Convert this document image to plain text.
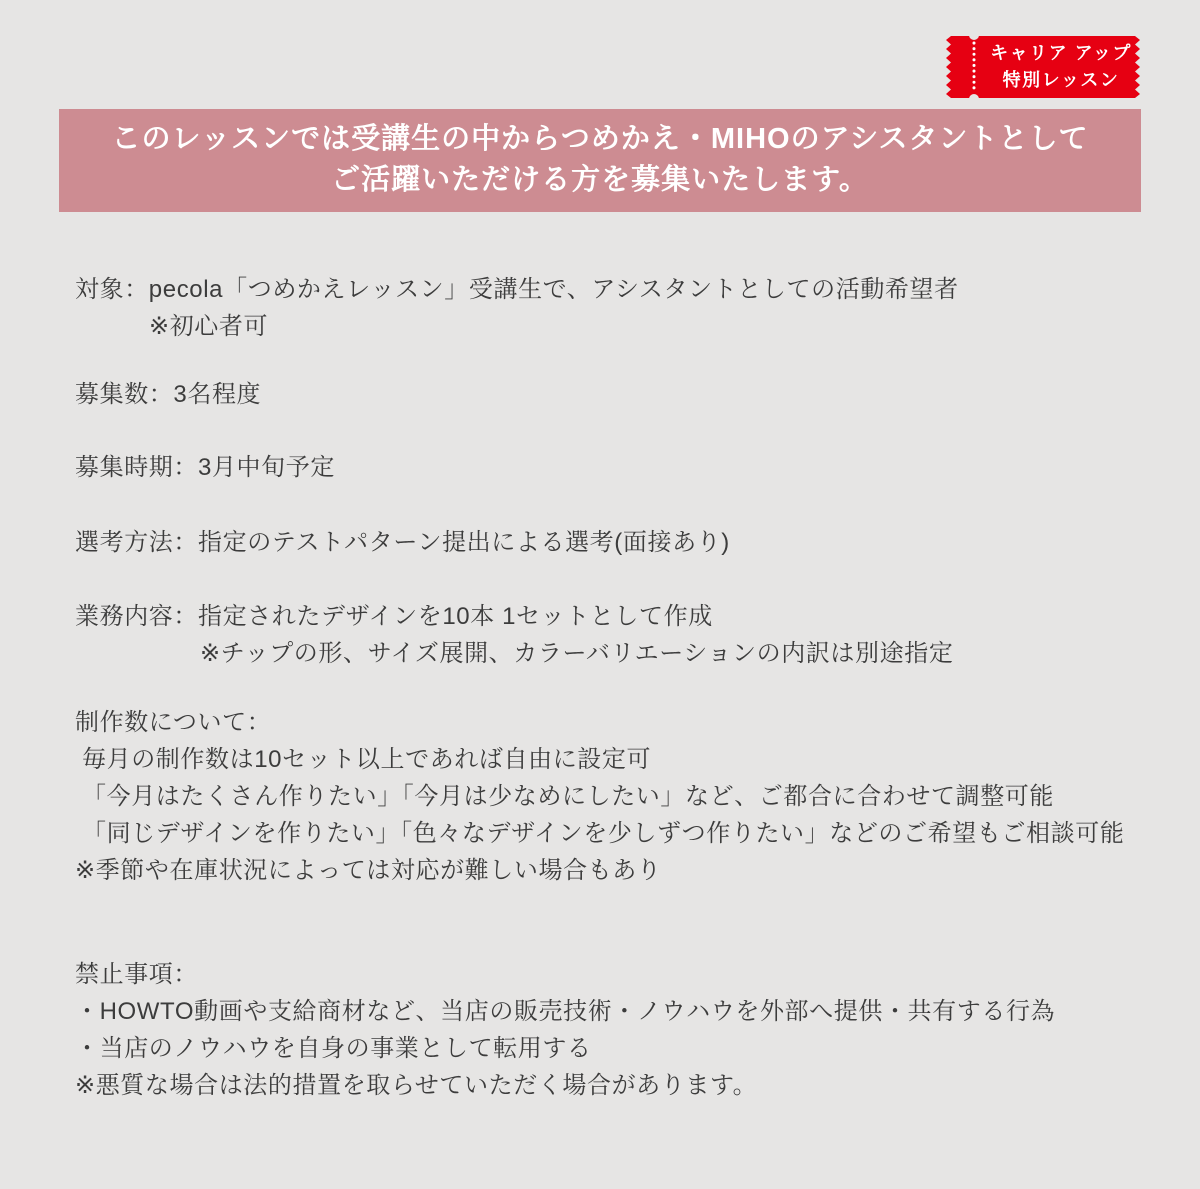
キャリア アップ
特別レッスン
このレッスンでは受講生の中からつめかえ・MIHOのアシスタントとして
ご活躍いただける方を募集いたします。
対象：pecola「つめかえレッスン」受講生で、アシスタントとしての活動希望者
※初心者可
募集数：3名程度
募集時期：3月中旬予定
選考方法：指定のテストパターン提出による選考(面接あり)
業務内容：指定されたデザインを10本 1セットとして作成
※チップの形、サイズ展開、カラーバリエーションの内訳は別途指定
制作数について：
毎月の制作数は10セット以上であれば自由に設定可
「今月はたくさん作りたい」「今月は少なめにしたい」など、ご都合に合わせて調整可能
「同じデザインを作りたい」「色々なデザインを少しずつ作りたい」などのご希望もご相談可能
※季節や在庫状況によっては対応が難しい場合もあり
禁止事項：
・HOWTO動画や支給商材など、当店の販売技術・ノウハウを外部へ提供・共有する行為
・当店のノウハウを自身の事業として転用する
※悪質な場合は法的措置を取らせていただく場合があります。
